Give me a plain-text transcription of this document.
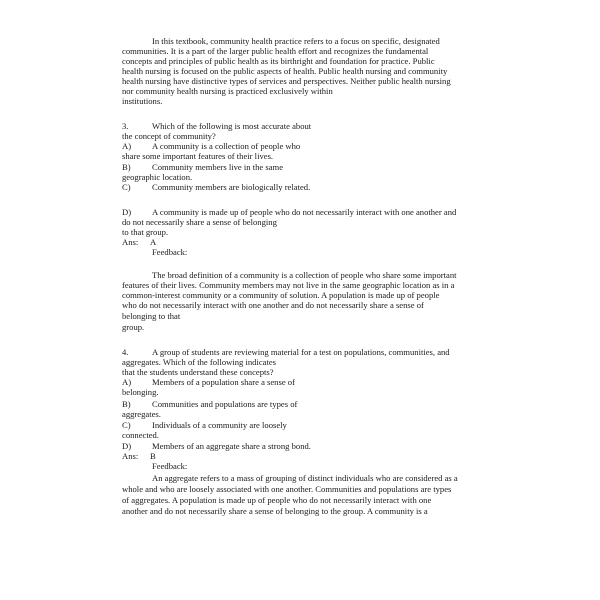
In this textbook, community health practice refers to a focus on specific, designated
communities. It is a part of the larger public health effort and recognizes the fundamental
concepts and principles of public health as its birthright and foundation for practice. Public
health nursing is focused on the public aspects of health. Public health nursing and community
health nursing have distinctive types of services and perspectives. Neither public health nursing
nor community health nursing is practiced exclusively within
institutions.
3.	Which of the following is most accurate about
the concept of community?
A) A community is a collection of people who
share some important features of their lives.
B) Community members live in the same
geographic location.
C) Community members are biologically related.
D) A community is made up of people who do not necessarily interact with one another and
do not necessarily share a sense of belonging
to that group.
Ans: A
Feedback:
The broad definition of a community is a collection of people who share some important
features of their lives. Community members may not live in the same geographic location as in a
common-interest community or a community of solution. A population is made up of people
who do not necessarily interact with one another and do not necessarily share a sense of
belonging to that
group.
4.	A group of students are reviewing material for a test on populations, communities, and
aggregates. Which of the following indicates
that the students understand these concepts?
A) Members of a population share a sense of
belonging.
B) Communities and populations are types of
aggregates.
C) Individuals of a community are loosely
connected.
D) Members of an aggregate share a strong bond.
Ans: B
Feedback:
An aggregate refers to a mass of grouping of distinct individuals who are considered as a
whole and who are loosely associated with one another. Communities and populations are types
of aggregates. A population is made up of people who do not necessarily interact with one
another and do not necessarily share a sense of belonging to the group. A community is a
